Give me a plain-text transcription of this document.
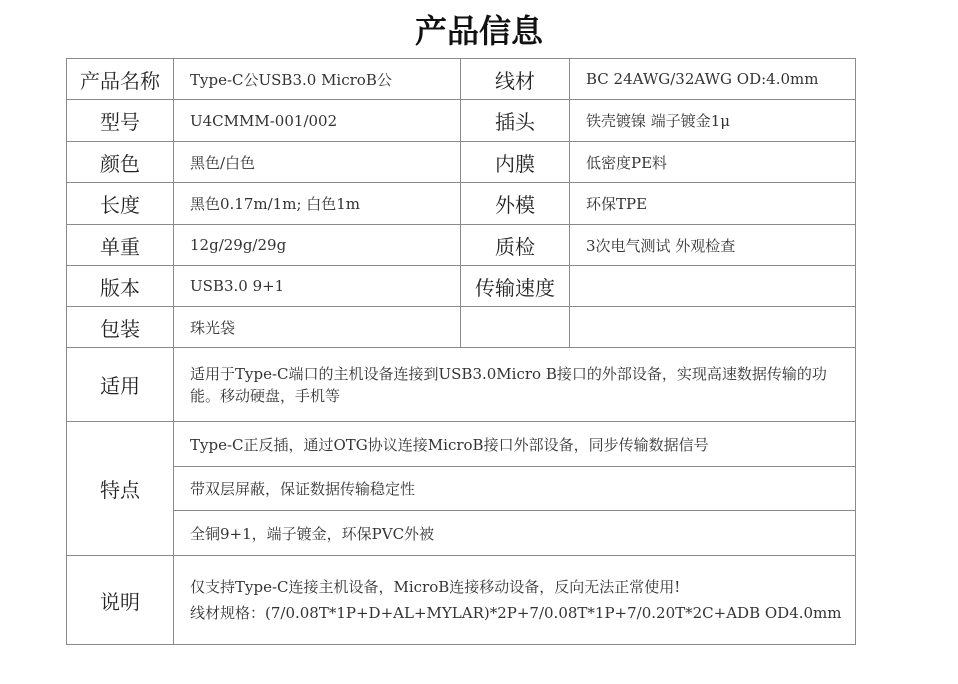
产品信息
产品名称	Type-C公USB3.0 MicroB公	线材	BC 24AWG/32AWG OD:4.0mm
型号	U4CMMM-001/002	插头	铁壳镀镍 端子镀金1μ
颜色	黑色/白色	内膜	低密度PE料
长度	黑色0.17m/1m; 白色1m	外模	环保TPE
单重	12g/29g/29g	质检	3次电气测试 外观检查
版本	USB3.0 9+1	传输速度	
包装	珠光袋		
适用	适用于Type-C端口的主机设备连接到USB3.0Micro B接口的外部设备，实现高速数据传输的功能。移动硬盘，手机等		
特点	Type-C正反插，通过OTG协议连接MicroB接口外部设备，同步传输数据信号		
	带双层屏蔽，保证数据传输稳定性		
	全铜9+1，端子镀金，环保PVC外被		
说明	仅支持Type-C连接主机设备，MicroB连接移动设备，反向无法正常使用!
线材规格：(7/0.08T*1P+D+AL+MYLAR)*2P+7/0.08T*1P+7/0.20T*2C+ADB OD4.0mm		
